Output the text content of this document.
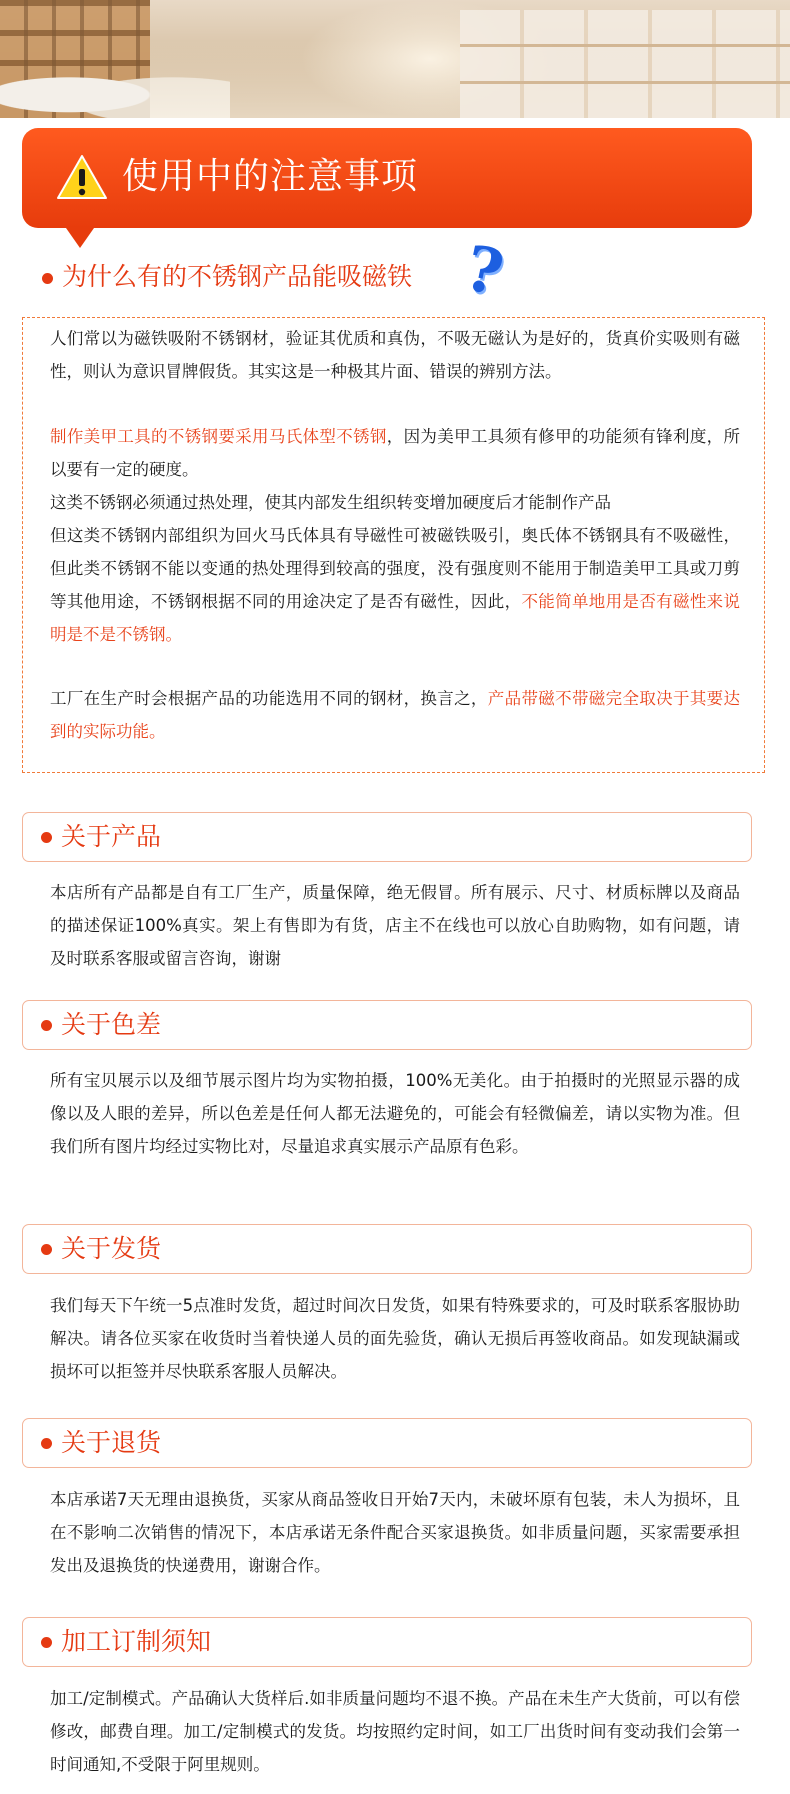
使用中的注意事项
为什么有的不锈钢产品能吸磁铁 ?

人们常以为磁铁吸附不锈钢材，验证其优质和真伪，不吸无磁认为是好的，货真价实吸则有磁性，则认为意识冒牌假货。其实这是一种极其片面、错误的辨别方法。

制作美甲工具的不锈钢要采用马氏体型不锈钢，因为美甲工具须有修甲的功能须有锋利度，所以要有一定的硬度。

这类不锈钢必须通过热处理，使其内部发生组织转变增加硬度后才能制作产品

但这类不锈钢内部组织为回火马氏体具有导磁性可被磁铁吸引，奥氏体不锈钢具有不吸磁性，但此类不锈钢不能以变通的热处理得到较高的强度，没有强度则不能用于制造美甲工具或刀剪等其他用途，不锈钢根据不同的用途决定了是否有磁性，因此，不能简单地用是否有磁性来说明是不是不锈钢。

工厂在生产时会根据产品的功能选用不同的钢材，换言之，产品带磁不带磁完全取决于其要达到的实际功能。

关于产品

本店所有产品都是自有工厂生产，质量保障，绝无假冒。所有展示、尺寸、材质标牌以及商品的描述保证100%真实。架上有售即为有货，店主不在线也可以放心自助购物，如有问题，请及时联系客服或留言咨询，谢谢

关于色差

所有宝贝展示以及细节展示图片均为实物拍摄，100%无美化。由于拍摄时的光照显示器的成像以及人眼的差异，所以色差是任何人都无法避免的，可能会有轻微偏差，请以实物为准。但我们所有图片均经过实物比对，尽量追求真实展示产品原有色彩。

关于发货

我们每天下午统一5点准时发货，超过时间次日发货，如果有特殊要求的，可及时联系客服协助解决。请各位买家在收货时当着快递人员的面先验货，确认无损后再签收商品。如发现缺漏或损坏可以拒签并尽快联系客服人员解决。

关于退货

本店承诺7天无理由退换货，买家从商品签收日开始7天内，未破坏原有包装，未人为损坏，且在不影响二次销售的情况下，本店承诺无条件配合买家退换货。如非质量问题，买家需要承担发出及退换货的快递费用，谢谢合作。

加工订制须知

加工/定制模式。产品确认大货样后.如非质量问题均不退不换。产品在未生产大货前，可以有偿修改，邮费自理。加工/定制模式的发货。均按照约定时间，如工厂出货时间有变动我们会第一时间通知,不受限于阿里规则。
